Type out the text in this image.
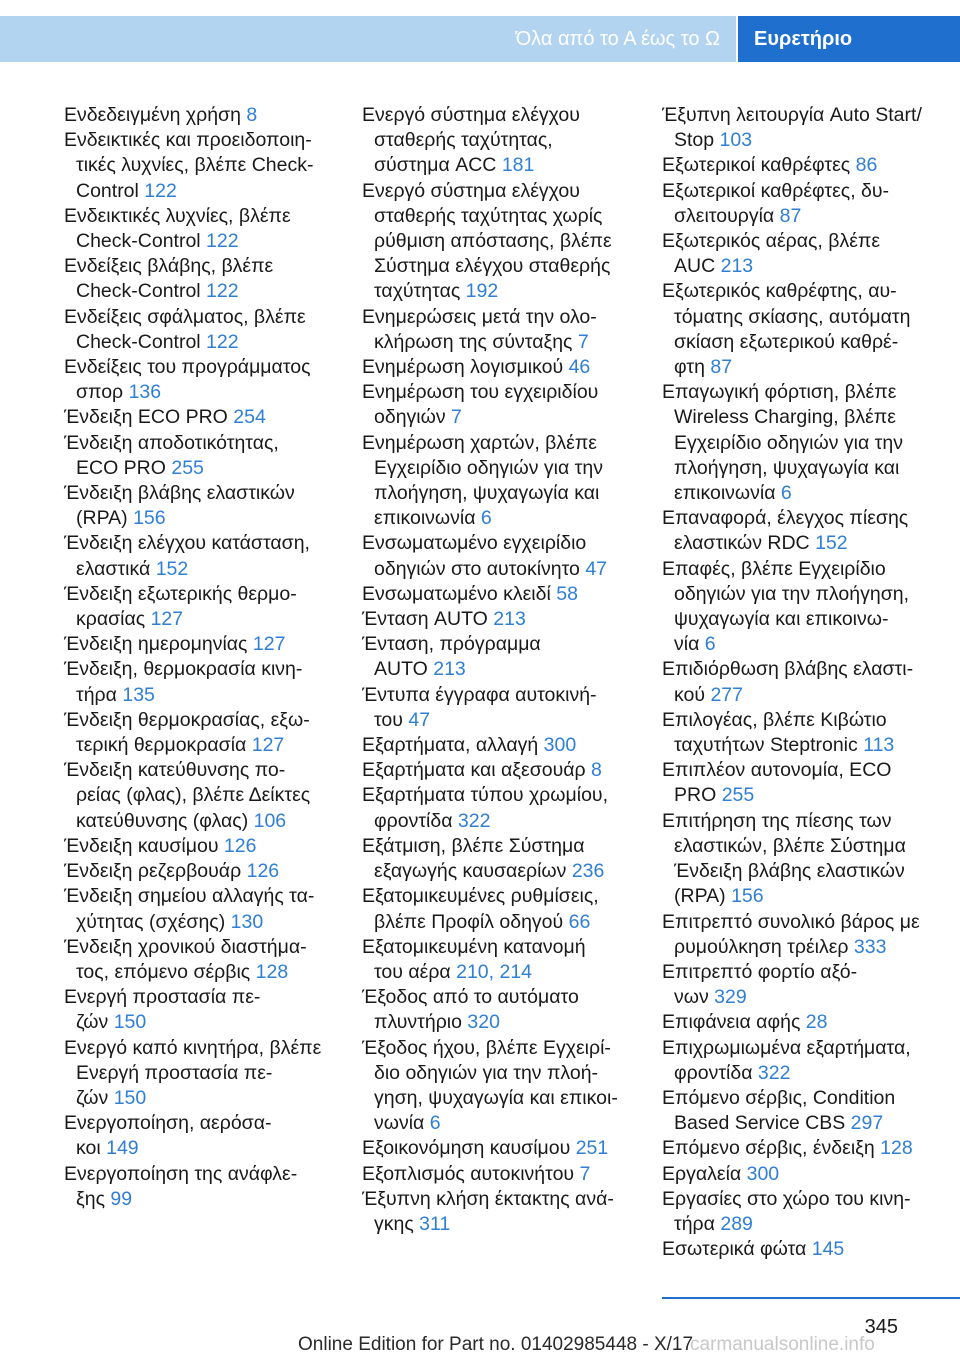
Όλα από το Α έως το Ω Ευρετήριο
Ενδεδειγμένη χρήση 8
Ενδεικτικές και προειδοποιη‐
τικές λυχνίες, βλέπε Check-
Control 122
Ενδεικτικές λυχνίες, βλέπε
Check-Control 122
Ενδείξεις βλάβης, βλέπε
Check-Control 122
Ενδείξεις σφάλματος, βλέπε
Check-Control 122
Ενδείξεις του προγράμματος
σπορ 136
Ένδειξη ECO PRO 254
Ένδειξη αποδοτικότητας,
ECO PRO 255
Ένδειξη βλάβης ελαστικών
(RPA) 156
Ένδειξη ελέγχου κατάσταση,
ελαστικά 152
Ένδειξη εξωτερικής θερμο‐
κρασίας 127
Ένδειξη ημερομηνίας 127
Ένδειξη, θερμοκρασία κινη‐
τήρα 135
Ένδειξη θερμοκρασίας, εξω‐
τερική θερμοκρασία 127
Ένδειξη κατεύθυνσης πο‐
ρείας (φλας), βλέπε Δείκτες
κατεύθυνσης (φλας) 106
Ένδειξη καυσίμου 126
Ένδειξη ρεζερβουάρ 126
Ένδειξη σημείου αλλαγής τα‐
χύτητας (σχέσης) 130
Ένδειξη χρονικού διαστήμα‐
τος, επόμενο σέρβις 128
Ενεργή προστασία πε‐
ζών 150
Ενεργό καπό κινητήρα, βλέπε
Ενεργή προστασία πε‐
ζών 150
Ενεργοποίηση, αερόσα‐
κοι 149
Ενεργοποίηση της ανάφλε‐
ξης 99
Ενεργό σύστημα ελέγχου
σταθερής ταχύτητας,
σύστημα ACC 181
Ενεργό σύστημα ελέγχου
σταθερής ταχύτητας χωρίς
ρύθμιση απόστασης, βλέπε
Σύστημα ελέγχου σταθερής
ταχύτητας 192
Ενημερώσεις μετά την ολο‐
κλήρωση της σύνταξης 7
Ενημέρωση λογισμικού 46
Ενημέρωση του εγχειριδίου
οδηγιών 7
Ενημέρωση χαρτών, βλέπε
Εγχειρίδιο οδηγιών για την
πλοήγηση, ψυχαγωγία και
επικοινωνία 6
Ενσωματωμένο εγχειρίδιο
οδηγιών στο αυτοκίνητο 47
Ενσωματωμένο κλειδί 58
Ένταση AUTO 213
Ένταση, πρόγραμμα
AUTO 213
Έντυπα έγγραφα αυτοκινή‐
του 47
Εξαρτήματα, αλλαγή 300
Εξαρτήματα και αξεσουάρ 8
Εξαρτήματα τύπου χρωμίου,
φροντίδα 322
Εξάτμιση, βλέπε Σύστημα
εξαγωγής καυσαερίων 236
Εξατομικευμένες ρυθμίσεις,
βλέπε Προφίλ οδηγού 66
Εξατομικευμένη κατανομή
του αέρα 210, 214
Έξοδος από το αυτόματο
πλυντήριο 320
Έξοδος ήχου, βλέπε Εγχειρί‐
διο οδηγιών για την πλοή‐
γηση, ψυχαγωγία και επικοι‐
νωνία 6
Εξοικονόμηση καυσίμου 251
Εξοπλισμός αυτοκινήτου 7
Έξυπνη κλήση έκτακτης ανά‐
γκης 311
Έξυπνη λειτουργία Auto Start/
Stop 103
Εξωτερικοί καθρέφτες 86
Εξωτερικοί καθρέφτες, δυ‐
σλειτουργία 87
Εξωτερικός αέρας, βλέπε
AUC 213
Εξωτερικός καθρέφτης, αυ‐
τόματης σκίασης, αυτόματη
σκίαση εξωτερικού καθρέ‐
φτη 87
Επαγωγική φόρτιση, βλέπε
Wireless Charging, βλέπε
Εγχειρίδιο οδηγιών για την
πλοήγηση, ψυχαγωγία και
επικοινωνία 6
Επαναφορά, έλεγχος πίεσης
ελαστικών RDC 152
Επαφές, βλέπε Εγχειρίδιο
οδηγιών για την πλοήγηση,
ψυχαγωγία και επικοινω‐
νία 6
Επιδιόρθωση βλάβης ελαστι‐
κού 277
Επιλογέας, βλέπε Κιβώτιο
ταχυτήτων Steptronic 113
Επιπλέον αυτονομία, ECO
PRO 255
Επιτήρηση της πίεσης των
ελαστικών, βλέπε Σύστημα
Ένδειξη βλάβης ελαστικών
(RPA) 156
Επιτρεπτό συνολικό βάρος με
ρυμούλκηση τρέιλερ 333
Επιτρεπτό φορτίο αξό‐
νων 329
Επιφάνεια αφής 28
Επιχρωμιωμένα εξαρτήματα,
φροντίδα 322
Επόμενο σέρβις, Condition
Based Service CBS 297
Επόμενο σέρβις, ένδειξη 128
Εργαλεία 300
Εργασίες στο χώρο του κινη‐
τήρα 289
Εσωτερικά φώτα 145
345
Online Edition for Part no. 01402985448 - X/17
carmanualsonline.info
